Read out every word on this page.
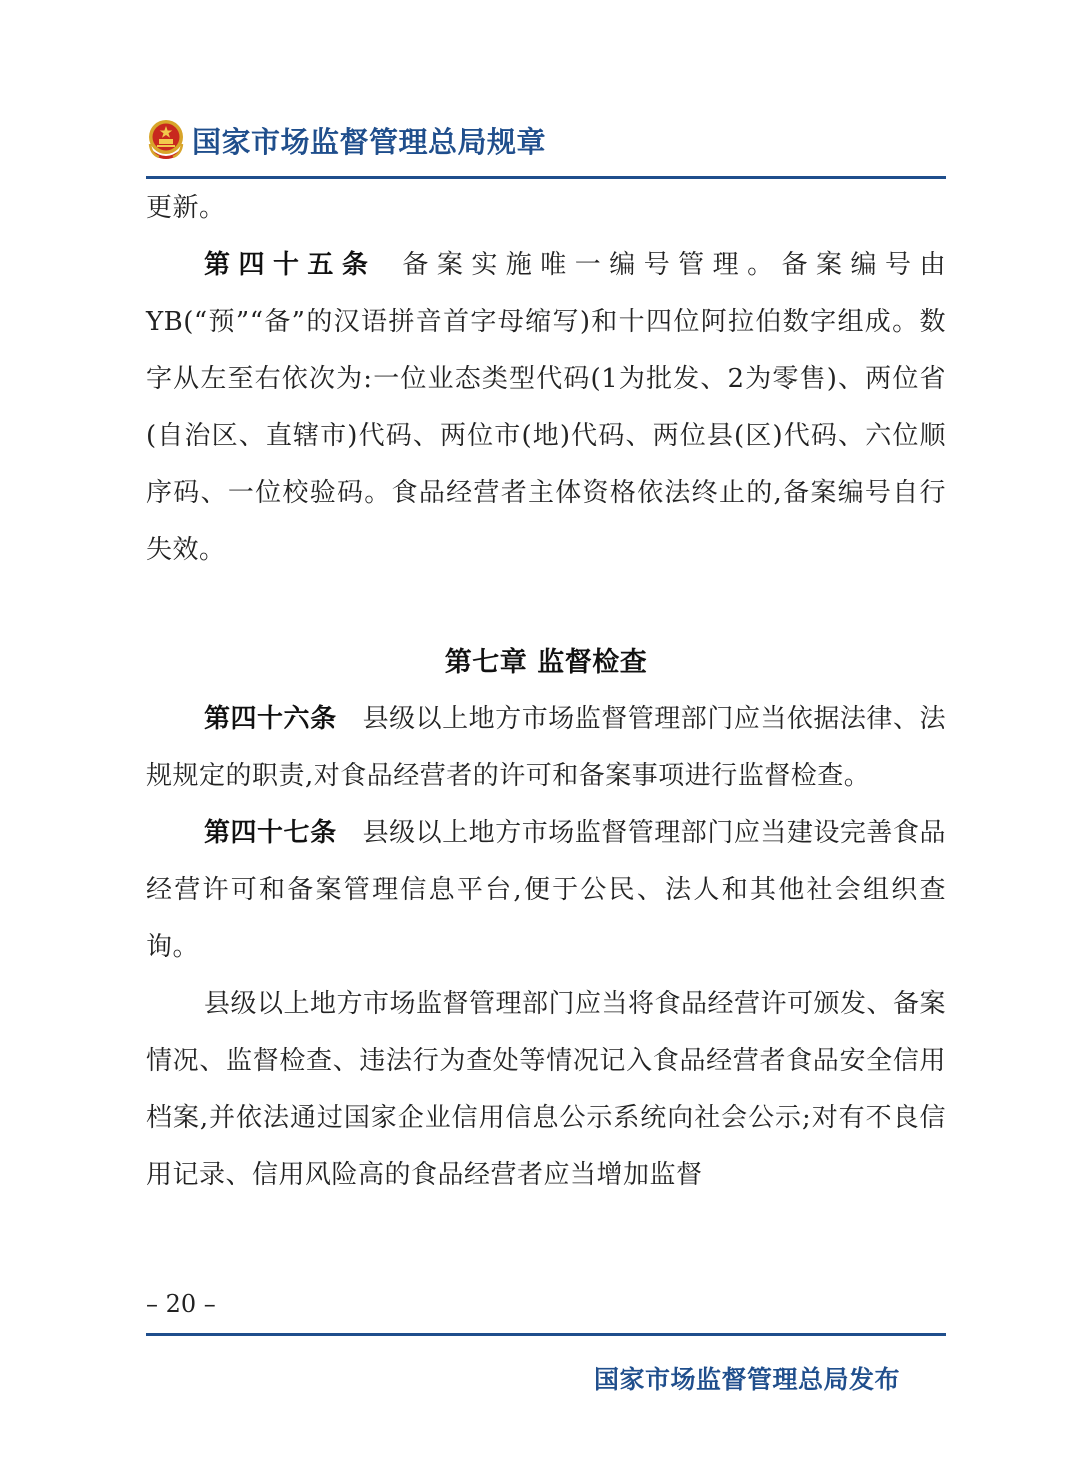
国家市场监督管理总局规章

更新。

第四十五条 备案实施唯一编号管理。备案编号由YB(“预”“备”的汉语拼音首字母缩写)和十四位阿拉伯数字组成。数字从左至右依次为:一位业态类型代码(1为批发、2为零售)、两位省(自治区、直辖市)代码、两位市(地)代码、两位县(区)代码、六位顺序码、一位校验码。食品经营者主体资格依法终止的,备案编号自行失效。

第七章 监督检查

第四十六条 县级以上地方市场监督管理部门应当依据法律、法规规定的职责,对食品经营者的许可和备案事项进行监督检查。

第四十七条 县级以上地方市场监督管理部门应当建设完善食品经营许可和备案管理信息平台,便于公民、法人和其他社会组织查询。

县级以上地方市场监督管理部门应当将食品经营许可颁发、备案情况、监督检查、违法行为查处等情况记入食品经营者食品安全信用档案,并依法通过国家企业信用信息公示系统向社会公示;对有不良信用记录、信用风险高的食品经营者应当增加监督

– 20 –
国家市场监督管理总局发布
